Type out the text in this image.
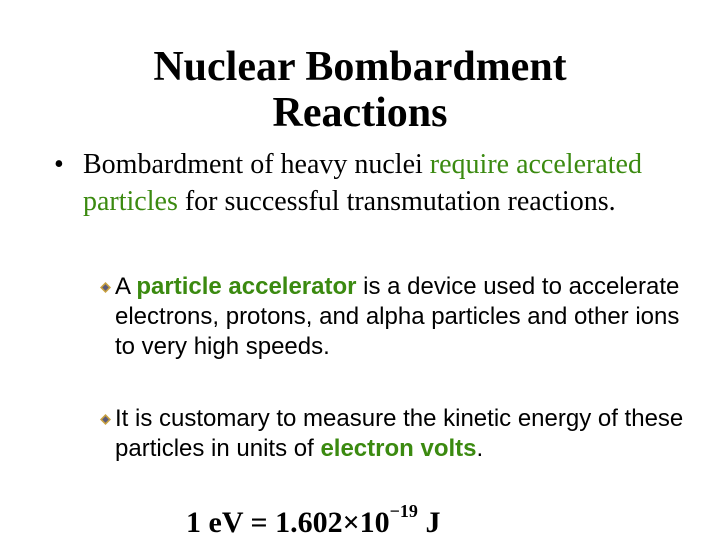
Nuclear Bombardment
Reactions
• Bombardment of heavy nuclei require accelerated particles for successful transmutation reactions.
A particle accelerator is a device used to accelerate electrons, protons, and alpha particles and other ions to very high speeds.
It is customary to measure the kinetic energy of these particles in units of electron volts.
1 eV = $1.602\times 10^{-19}$ J
